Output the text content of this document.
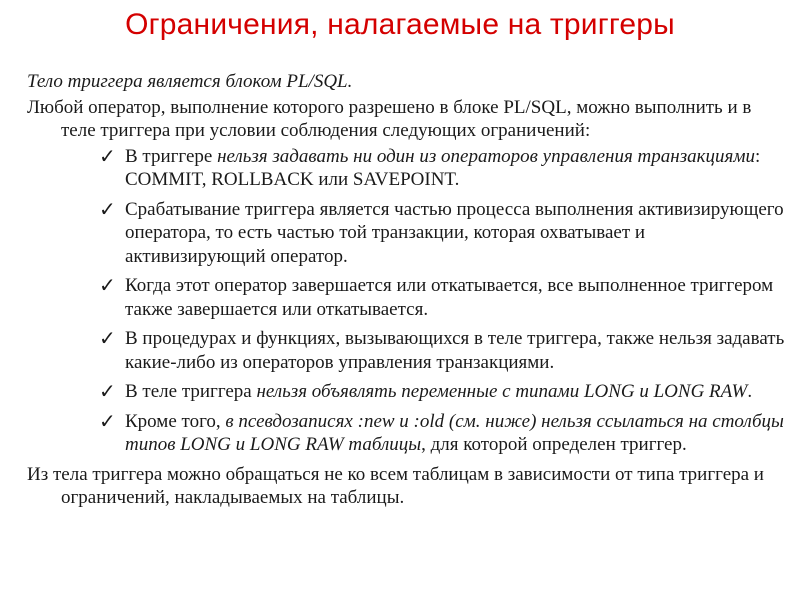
Ограничения, налагаемые на триггеры

Тело триггера является блоком PL/SQL.

Любой оператор, выполнение которого разрешено в блоке PL/SQL, можно выполнить и в теле триггера при условии соблюдения следующих ограничений:

✓ В триггере нельзя задавать ни один из операторов управления транзакциями: COMMIT, ROLLBACK или SAVEPOINT.
✓ Срабатывание триггера является частью процесса выполнения активизирующего оператора, то есть частью той транзакции, которая охватывает и активизирующий оператор.
✓ Когда этот оператор завершается или откатывается, все выполненное триггером также завершается или откатывается.
✓ В процедурах и функциях, вызывающихся в теле триггера, также нельзя задавать какие-либо из операторов управления транзакциями.
✓ В теле триггера нельзя объявлять переменные с типами LONG и LONG RAW.
✓ Кроме того, в псевдозаписях :new и :old (см. ниже) нельзя ссылаться на столбцы типов LONG и LONG RAW таблицы, для которой определен триггер.

Из тела триггера можно обращаться не ко всем таблицам в зависимости от типа триггера и ограничений, накладываемых на таблицы.
